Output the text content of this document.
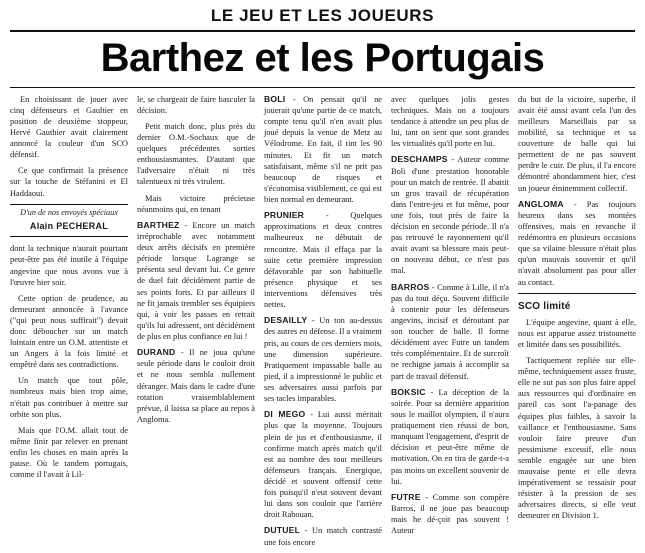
LE JEU ET LES JOUEURS
Barthez et les Portugais

En choisissant de jouer avec cinq défenseurs et Gaultier en position de deuxième stoppeur, Hervé Gauthier avait clairement annoncé la couleur d'un SCO défensif.

Ce que confirmait la présence sur la touche de Stéfanini et El Haddaoui.

D'un de nos envoyés spéciaux
Alain PECHERAL

dont la technique n'aurait pourtant peut-être pas été inutile à l'équipe angevine que nous avons vue à l'œuvre hier soir.

Cette option de prudence, au demeurant annoncée à l'avance ("qui peut nous suffirait") devait donc déboucher sur un match lointain entre un O.M. attentiste et un Angers à la fois limité et empêtré dans ses contradictions.

Un match que tout pôle, nombreux mais bien trop aime, n'était pas contribuer à mettre sur orbite son plus.

Mais que l'O.M. allait tout de même finir par relever en prenant enfin les choses en main après la pause. Où le tandem portugais, comme il l'avait à Lil-

le, se chargeait de faire basculer la décision.

Petit match donc, plus près du dernier O.M.-Sochaux que de quelques précédentes sorties enthousiasmantes. D'autant que l'adversaire n'était ni très talentueux ni très virulent.

Mais victoire précieuse néanmoins qui, en tenant

BARTHEZ - Encore un match irréprochable avec notamment deux arrêts décisifs en première période lorsque Lagrange se présenta seul devant lui. Ce genre de duel fait décidément partie de ses points forts. Et par ailleurs il ne fit jamais trembler ses équipiers qui, à voir les passes en retrait qu'ils lui adressent, ont décidément de plus en plus confiance en lui !

DURAND - Il ne joua qu'une seule période dans le couloir droit et ne nous sembla nullement déranger. Mais dans le cadre d'une rotation vraisemblablement prévue, il laissa sa place au repos à Angloma.

BOLI - On pensait qu'il ne jouerait qu'une partie de ce match, compte tenu qu'il n'en avait plus joué depuis la venue de Metz au Vélodrome. En fait, il tint les 90 minutes. Et fit un match satisfaisant, même s'il ne prit pas beaucoup de risques et s'économisa visiblement, ce qui est bien normal en demeurant.

PRUNIER	- Quelques approximations et deux contres malheureux ne débutait de rencontre. Mais il effaça par la suite cette première impression défavorable par son habituelle présence physique et ses interventions défensives très nettes.

DESAILLY - Un ton au-dessus des autres en défense. Il a vraiment pris, au cours de ces derniers mois, une dimension supérieure. Pratiquement impassable balle au pied, il a impressionné le public et ses adversaires aussi parfois par ses tacles imparables.

DI MEGO - Lui aussi méritait plus que la moyenne. Toujours plein de jus et d'enthousiasme, il confirme match après match qu'il est au nombre des tout meilleurs défenseurs français. Energique, décidé et souvent offensif cette fois puisqu'il n'eut souvent devant lui dans son couloir que l'arrière droit Rabouan.

DUTUEL - Un match contrasté une fois encore

avec quelques jolis gestes techniques. Mais on a toujours tendance à attendre un peu plus de lui, tant on sent que sont grandes les virtualités qu'il porte en lui.

DESCHAMPS - Auteur comme Boli d'une prestation honorable pour un match de rentrée. Il abattit un gros travail de récupération dans l'entre-jeu et fut même, pour une fois, tout près de faire la décision en seconde période. Il n'a pas retrouvé le rayonnement qu'il avait avant sa blessure mais peut-on nouveau début, ce n'est pas mal.

BARROS - Comme à Lille, il n'a pas du tout déçu. Souvent difficile à contenir pour les défenseurs angevins, incisif et déroutant par son toucher de balle. Il forme décidément avec Futre un tandem très complémentaire. Et de surcroît ne rechigne jamais à accomplir sa part de travail défensif.

BOKSIC - La déception de la soirée. Pour sa dernière apparition sous le maillot olympien, il n'aura pratiquement rien réussi de bon, manquant l'engagement, d'esprit de décision et peut-être même de motivation. On en tira de garde-t-a pas moins un excellent souvenir de lui.

FUTRE - Comme son compère Barros, il ne joue pas beaucoup mais he dé-çoit pas souvent ! Auteur

du but de la victoire, superbe, il avait été aussi avant cela l'un des meilleurs Marseillais par sa mobilité, sa technique et sa couverture de balle qui lui permettent de ne pas souvent perdre le cuir. De plus, il l'a encore démontré abondamment hier, c'est un joueur éminemment collectif.

ANGLOMA - Pas toujours heureux dans ses montées offensives, mais en revanche il redémontra en plusieurs occasions que sa vilaine blessure n'était plus qu'un mauvais souvenir et qu'il n'avait absolument pas pour aller au contact.

SCO limité

L'équipe angevine, quant à elle, nous est apparue assez tristounette et limitée dans ses possibilités.

Tactiquement repliée sur elle-même, techniquement assez fruste, elle ne sut pas son plus faire appel aux ressources qui d'ordinaire en pareil cas sont l'a-panage des équipes plus faibles, à savoir la vaillance et l'enthousiasme. Sans vouloir faire preuve d'un pessimisme excessif, elle nous semble engagée sur une bien mauvaise pente et elle devra impérativement se ressaisir pour résister à la pression de ses adversaires directs, si elle veut demeurer en Division 1.
